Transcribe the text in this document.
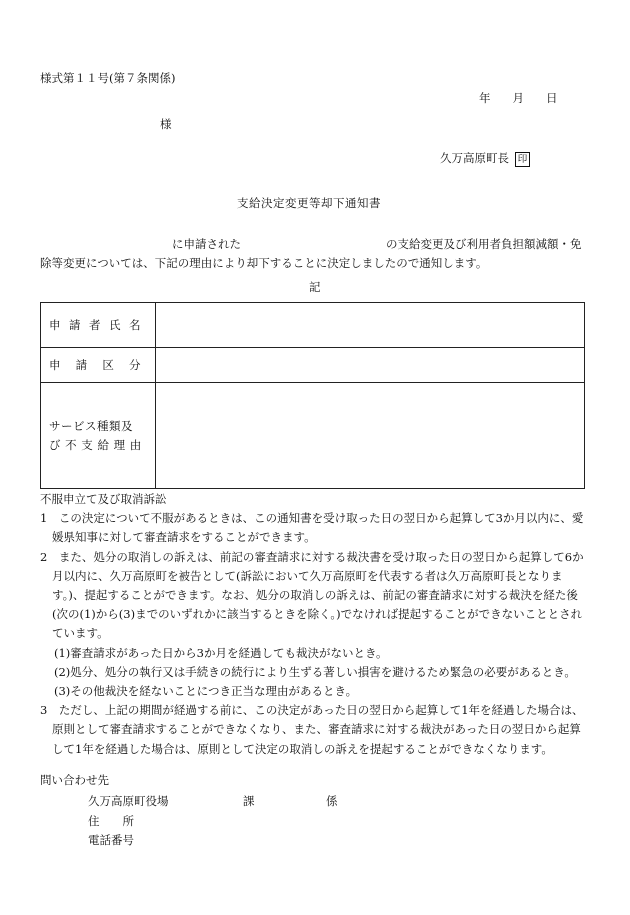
様式第１１号(第７条関係)
年 月 日
様
久万高原町長 印
支給決定変更等却下通知書
に申請された	の支給変更及び利用者負担額減額・免
除等変更については、下記の理由により却下することに決定しましたので通知します。
記
申 請 者 氏 名	

申 請 区 分	

サービス種類及
び 不 支 給 理 由	

不服申立て及び取消訴訟

1　この決定について不服があるときは、この通知書を受け取った日の翌日から起算して3か月以内に、愛媛県知事に対して審査請求をすることができます。

2　また、処分の取消しの訴えは、前記の審査請求に対する裁決書を受け取った日の翌日から起算して6か月以内に、久万高原町を被告として(訴訟において久万高原町を代表する者は久万高原町長となります。)、提起することができます。なお、処分の取消しの訴えは、前記の審査請求に対する裁決を経た後(次の(1)から(3)までのいずれかに該当するときを除く。)でなければ提起することができないこととされています。

(1)審査請求があった日から3か月を経過しても裁決がないとき。

(2)処分、処分の執行又は手続きの続行により生ずる著しい損害を避けるため緊急の必要があるとき。

(3)その他裁決を経ないことにつき正当な理由があるとき。

3　ただし、上記の期間が経過する前に、この決定があった日の翌日から起算して1年を経過した場合は、原則として審査請求することができなくなり、また、審査請求に対する裁決があった日の翌日から起算して1年を経過した場合は、原則として決定の取消しの訴えを提起することができなくなります。

問い合わせ先
久万高原町役場	課	係
住　　所
電話番号
